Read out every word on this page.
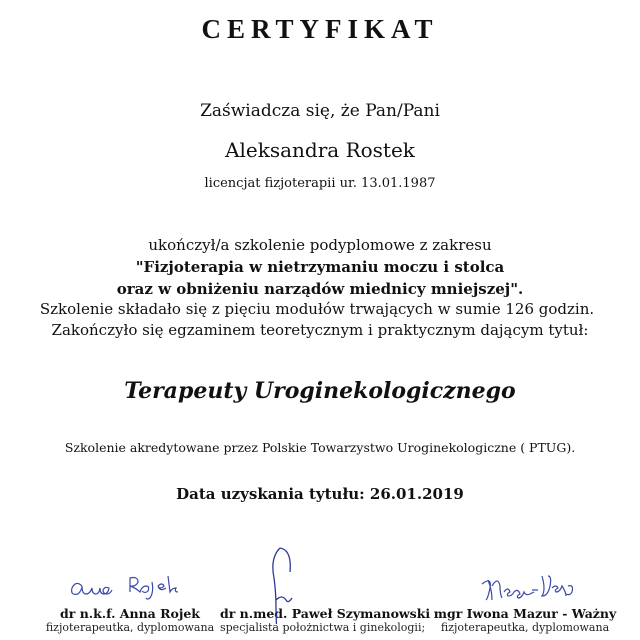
CERTYFIKAT
Zaświadcza się, że Pan/Pani
Aleksandra Rostek
licencjat fizjoterapii ur. 13.01.1987
ukończył/a szkolenie podyplomowe z zakresu
"Fizjoterapia w nietrzymaniu moczu i stolca
oraz w obniżeniu narządów miednicy mniejszej".
Szkolenie składało się z pięciu modułów trwających w sumie 126 godzin.
Zakończyło się egzaminem teoretycznym i praktycznym dającym tytuł:
Terapeuty Uroginekologicznego
Szkolenie akredytowane przez Polskie Towarzystwo Uroginekologiczne ( PTUG).
Data uzyskania tytułu: 26.01.2019
dr n.k.f. Anna Rojek
fizjoterapeutka, dyplomowana
dr n.med. Paweł Szymanowski
specjalista położnictwa i ginekologii;
mgr Iwona Mazur - Ważny
fizjoterapeutka, dyplomowana
